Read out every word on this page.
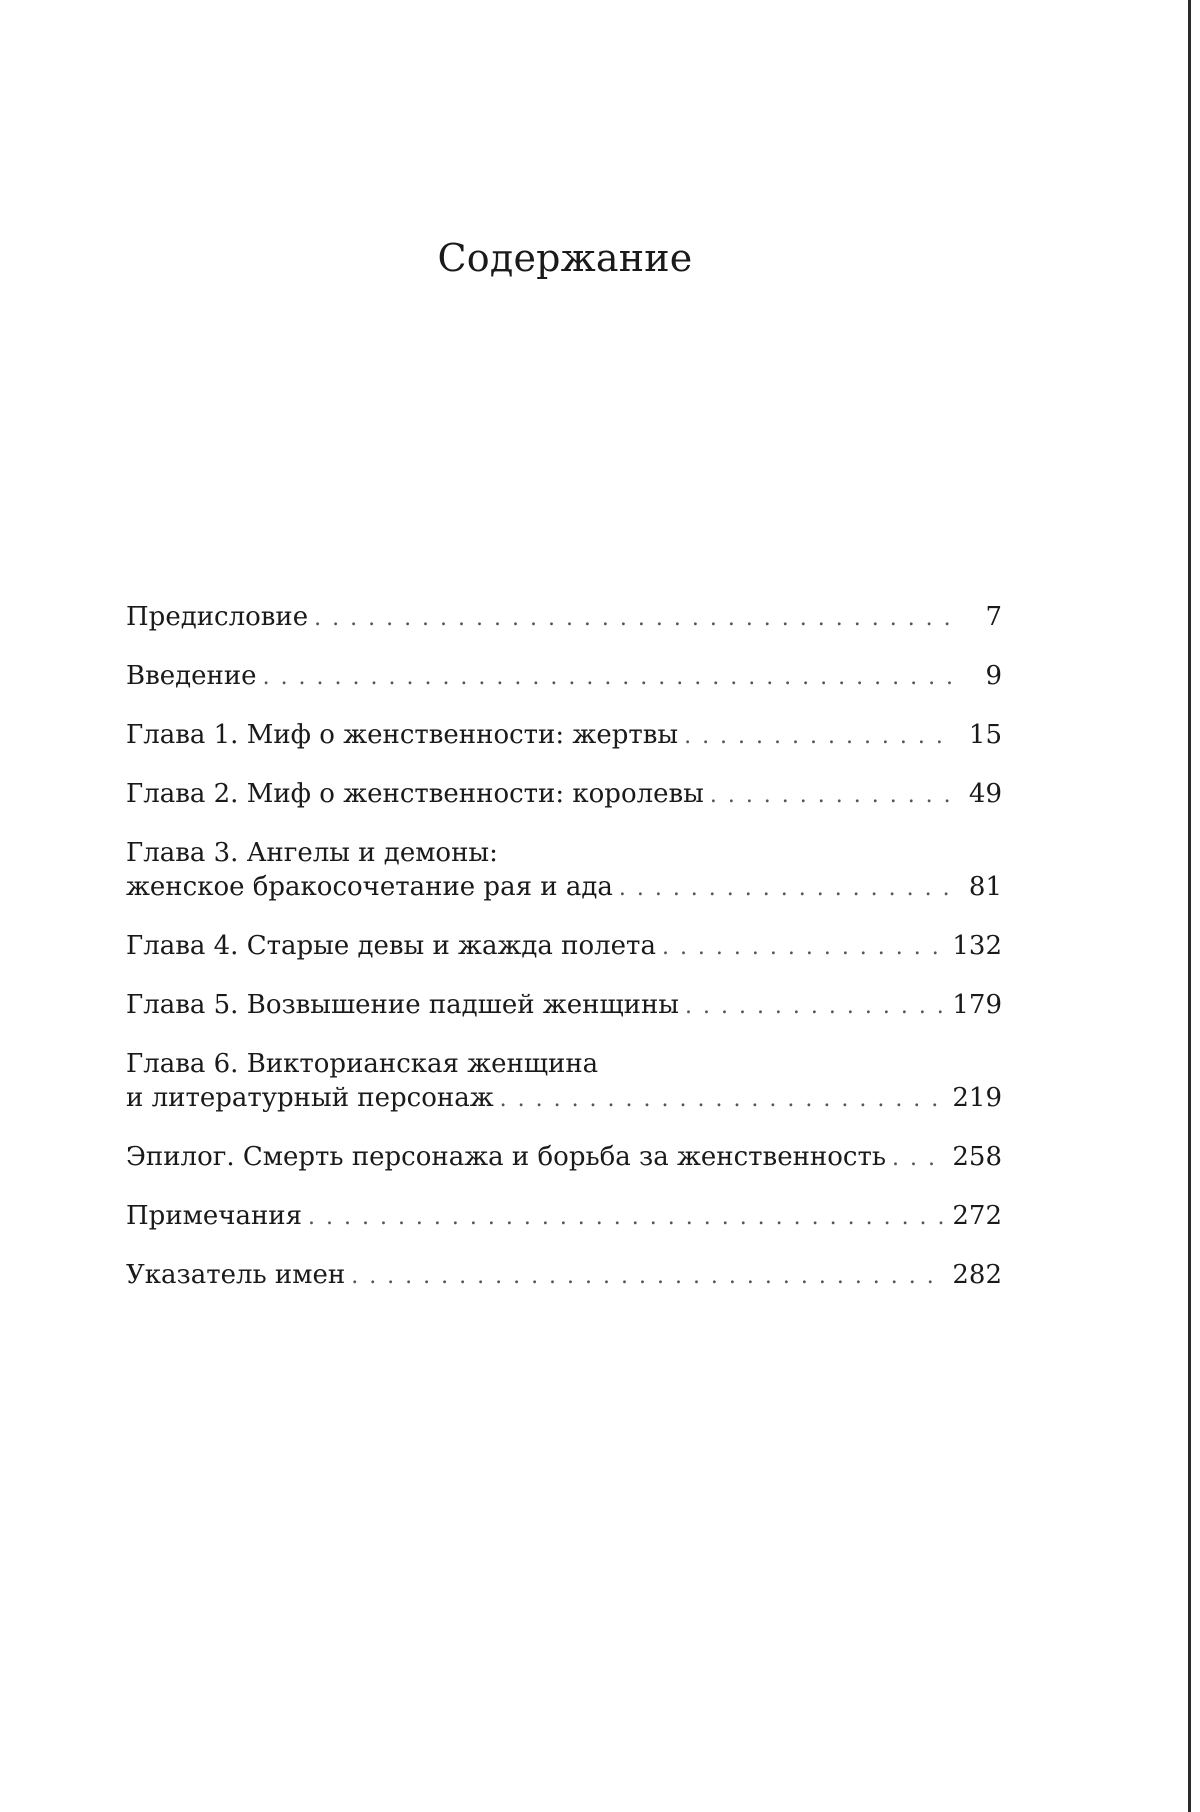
Содержание
Предисловие . . .	7
Введение . . .	9
Глава 1. Миф о женственности: жертвы . . .	15
Глава 2. Миф о женственности: королевы . . .	49
Глава 3. Ангелы и демоны:
женское бракосочетание рая и ада . . .	81
Глава 4. Старые девы и жажда полета . . .	132
Глава 5. Возвышение падшей женщины . . .	179
Глава 6. Викторианская женщина
и литературный персонаж . . .	219
Эпилог. Смерть персонажа и борьба за женственность . . .	258
Примечания . . .	272
Указатель имен . . .	282
